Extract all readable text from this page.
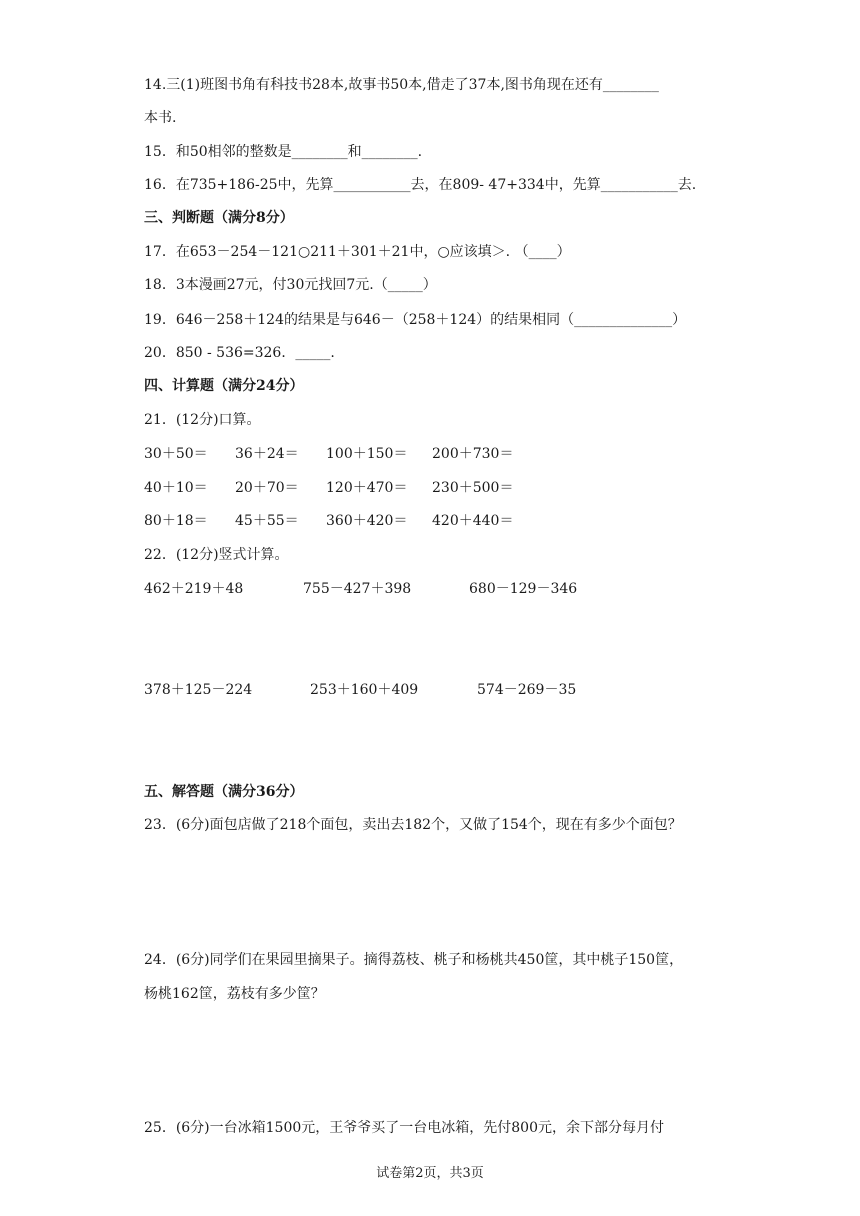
14.三(1)班图书角有科技书28本,故事书50本,借走了37本,图书角现在还有________
本书.
15．和50相邻的整数是________和________.
16．在735+186-25中，先算___________去，在809- 47+334中，先算___________去.
三、判断题（满分8分）
17．在653－254－121○211＋301＋21中，○应该填＞. （____）
18．3本漫画27元，付30元找回7元.（_____）
19．646－258＋124的结果是与646－（258＋124）的结果相同（______________）
20．850 - 536=326．_____.
四、计算题（满分24分）
21．(12分)口算。
30＋50＝ 36＋24＝ 100＋150＝ 200＋730＝
40＋10＝ 20＋70＝ 120＋470＝ 230＋500＝
80＋18＝ 45＋55＝ 360＋420＝ 420＋440＝
22．(12分)竖式计算。
462＋219＋48	755－427＋398	680－129－346
378＋125－224	253＋160＋409	574－269－35
五、解答题（满分36分）
23．(6分)面包店做了218个面包，卖出去182个，又做了154个，现在有多少个面包？
24．(6分)同学们在果园里摘果子。摘得荔枝、桃子和杨桃共450筐，其中桃子150筐，
杨桃162筐，荔枝有多少筐？
25．(6分)一台冰箱1500元，王爷爷买了一台电冰箱，先付800元，余下部分每月付
试卷第2页，共3页
